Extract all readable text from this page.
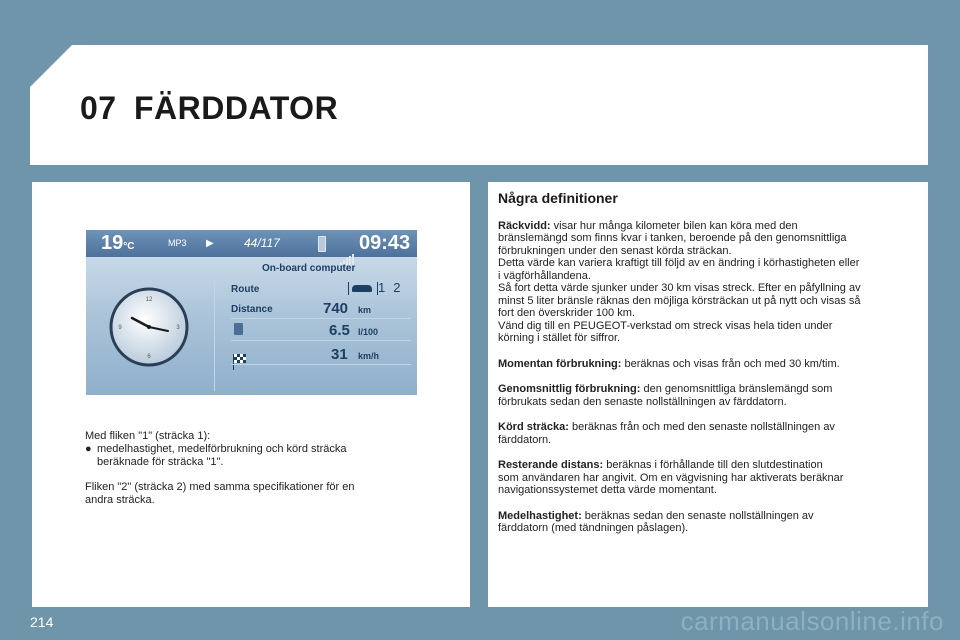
07 FÄRDDATOR
19°C	MP3 ▶	44/117	09:43
On-board computer
12
3
6
9
Route	1 2
Distance	740 km
6.5 l/100
31 km/h

Med fliken "1" (sträcka 1):

● medelhastighet, medelförbrukning och körd sträcka

beräknade för sträcka "1".

Fliken "2" (sträcka 2) med samma specifikationer för en

andra sträcka.

Några definitioner

Räckvidd: visar hur många kilometer bilen kan köra med den
bränslemängd som finns kvar i tanken, beroende på den genomsnittliga
förbrukningen under den senast körda sträckan.
Detta värde kan variera kraftigt till följd av en ändring i körhastigheten eller
i vägförhållandena.
Så fort detta värde sjunker under 30 km visas streck. Efter en påfyllning av
minst 5 liter bränsle räknas den möjliga körsträckan ut på nytt och visas så
fort den överskrider 100 km.
Vänd dig till en PEUGEOT-verkstad om streck visas hela tiden under
körning i stället för siffror.
Momentan förbrukning: beräknas och visas från och med 30 km/tim.
Genomsnittlig förbrukning: den genomsnittliga bränslemängd som
förbrukats sedan den senaste nollställningen av färddatorn.
Körd sträcka: beräknas från och med den senaste nollställningen av
färddatorn.
Resterande distans: beräknas i förhållande till den slutdestination
som användaren har angivit. Om en vägvisning har aktiverats beräknar
navigationssystemet detta värde momentant.
Medelhastighet: beräknas sedan den senaste nollställningen av
färddatorn (med tändningen påslagen).
214	carmanualsonline.info
